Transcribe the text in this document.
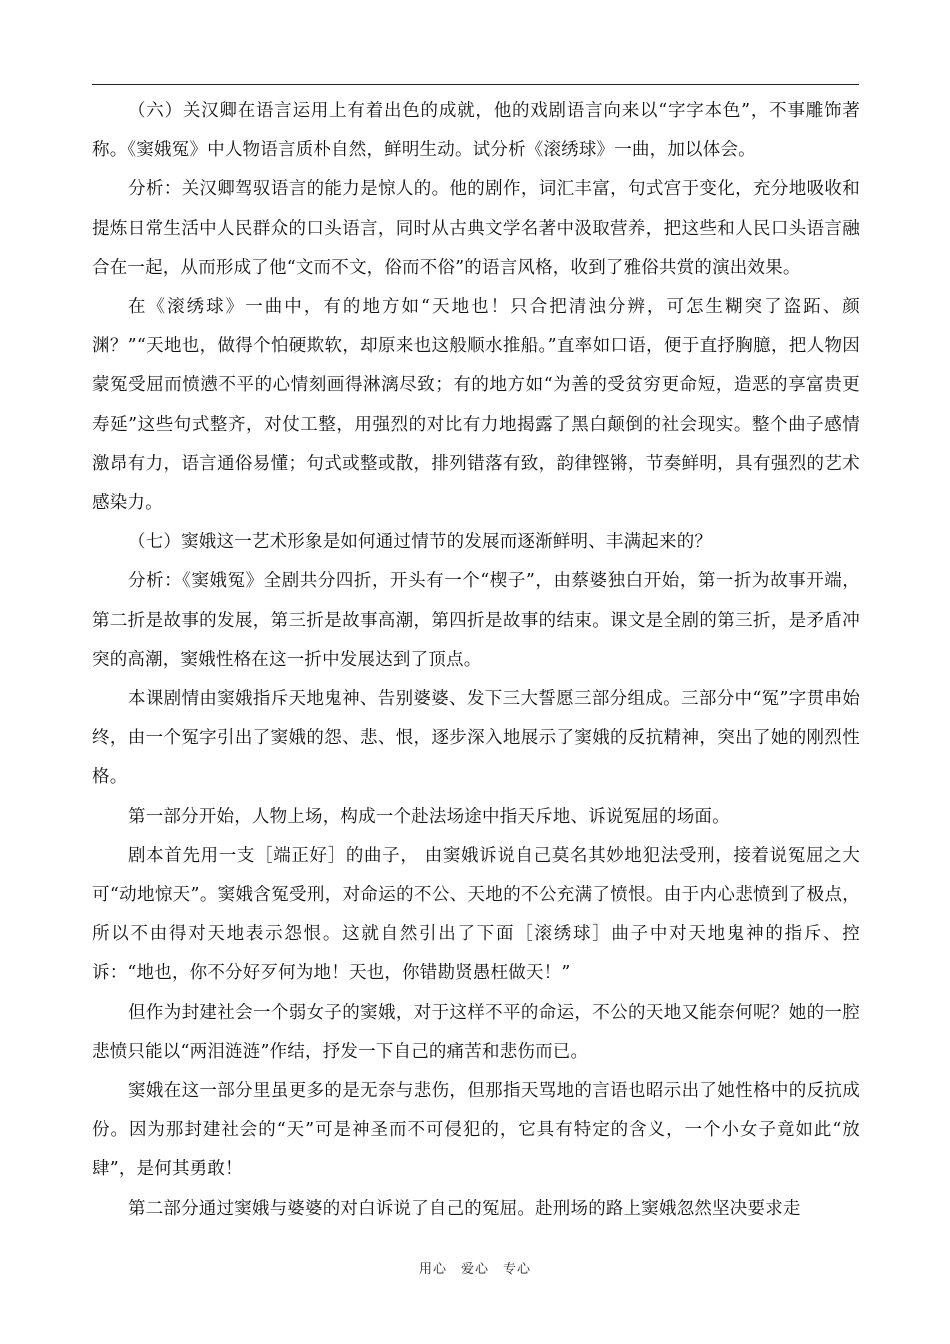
（六）关汉卿在语言运用上有着出色的成就，他的戏剧语言向来以“字字本色”，不事雕饰著称。《窦娥冤》中人物语言质朴自然，鲜明生动。试分析《滚绣球》一曲，加以体会。

分析：关汉卿驾驭语言的能力是惊人的。他的剧作，词汇丰富，句式宫于变化，充分地吸收和提炼日常生活中人民群众的口头语言，同时从古典文学名著中汲取营养，把这些和人民口头语言融合在一起，从而形成了他“文而不文，俗而不俗”的语言风格，收到了雅俗共赏的演出效果。

在《滚绣球》一曲中，有的地方如“天地也！只合把清浊分辨，可怎生糊突了盗跖、颜渊？”“天地也，做得个怕硬欺软，却原来也这般顺水推船。”直率如口语，便于直抒胸臆，把人物因蒙冤受屈而愤懑不平的心情刻画得淋漓尽致；有的地方如“为善的受贫穷更命短，造恶的享富贵更寿延”这些句式整齐，对仗工整，用强烈的对比有力地揭露了黑白颠倒的社会现实。整个曲子感情激昂有力，语言通俗易懂；句式或整或散，排列错落有致，韵律铿锵，节奏鲜明，具有强烈的艺术感染力。

（七）窦娥这一艺术形象是如何通过情节的发展而逐渐鲜明、丰满起来的？

分析：《窦娥冤》全剧共分四折，开头有一个“楔子”，由蔡婆独白开始，第一折为故事开端，第二折是故事的发展，第三折是故事高潮，第四折是故事的结束。课文是全剧的第三折，是矛盾冲突的高潮，窦娥性格在这一折中发展达到了顶点。

本课剧情由窦娥指斥天地鬼神、告别婆婆、发下三大誓愿三部分组成。三部分中“冤”字贯串始终，由一个冤字引出了窦娥的怨、悲、恨，逐步深入地展示了窦娥的反抗精神，突出了她的刚烈性格。

第一部分开始，人物上场，构成一个赴法场途中指天斥地、诉说冤屈的场面。

剧本首先用一支［端正好］的曲子， 由窦娥诉说自己莫名其妙地犯法受刑，接着说冤屈之大可“动地惊天”。窦娥含冤受刑，对命运的不公、天地的不公充满了愤恨。由于内心悲愤到了极点，所以不由得对天地表示怨恨。这就自然引出了下面［滚绣球］曲子中对天地鬼神的指斥、控诉：“地也，你不分好歹何为地！天也，你错勘贤愚枉做天！”

但作为封建社会一个弱女子的窦娥，对于这样不平的命运，不公的天地又能奈何呢？她的一腔悲愤只能以“两泪涟涟”作结，抒发一下自己的痛苦和悲伤而已。

窦娥在这一部分里虽更多的是无奈与悲伤，但那指天骂地的言语也昭示出了她性格中的反抗成份。因为那封建社会的“天”可是神圣而不可侵犯的，它具有特定的含义，一个小女子竟如此“放肆”，是何其勇敢！

第二部分通过窦娥与婆婆的对白诉说了自己的冤屈。赴刑场的路上窦娥忽然坚决要求走

用心　爱心　专心
